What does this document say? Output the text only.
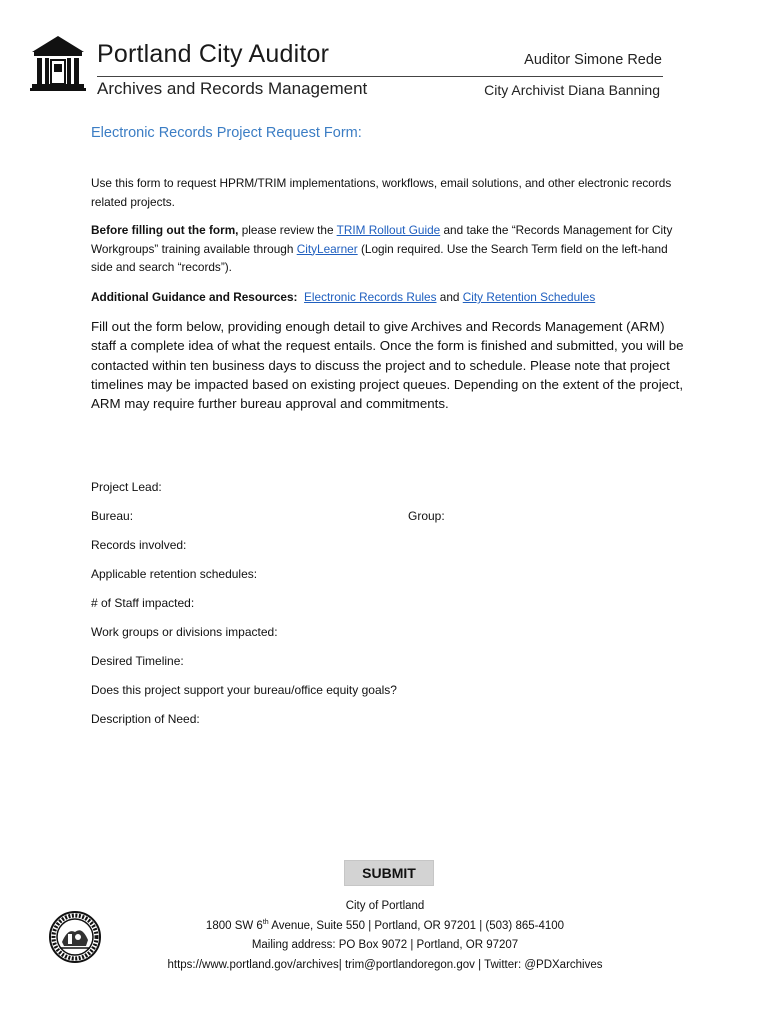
Portland City Auditor
Archives and Records Management
Auditor Simone Rede
City Archivist Diana Banning
Electronic Records Project Request Form:
Use this form to request HPRM/TRIM implementations, workflows, email solutions, and other electronic records related projects.
Before filling out the form, please review the TRIM Rollout Guide and take the “Records Management for City Workgroups” training available through CityLearner (Login required. Use the Search Term field on the left-hand side and search “records”).
Additional Guidance and Resources: Electronic Records Rules and City Retention Schedules
Fill out the form below, providing enough detail to give Archives and Records Management (ARM) staff a complete idea of what the request entails. Once the form is finished and submitted, you will be contacted within ten business days to discuss the project and to schedule. Please note that project timelines may be impacted based on existing project queues. Depending on the extent of the project, ARM may require further bureau approval and commitments.
Project Lead:
Bureau:	Group:
Records involved:
Applicable retention schedules:
# of Staff impacted:
Work groups or divisions impacted:
Desired Timeline:
Does this project support your bureau/office equity goals?
Description of Need:
SUBMIT
City of Portland
1800 SW 6th Avenue, Suite 550 | Portland, OR 97201 | (503) 865-4100
Mailing address: PO Box 9072 | Portland, OR 97207
https://www.portland.gov/archives| trim@portlandoregon.gov | Twitter: @PDXarchives
